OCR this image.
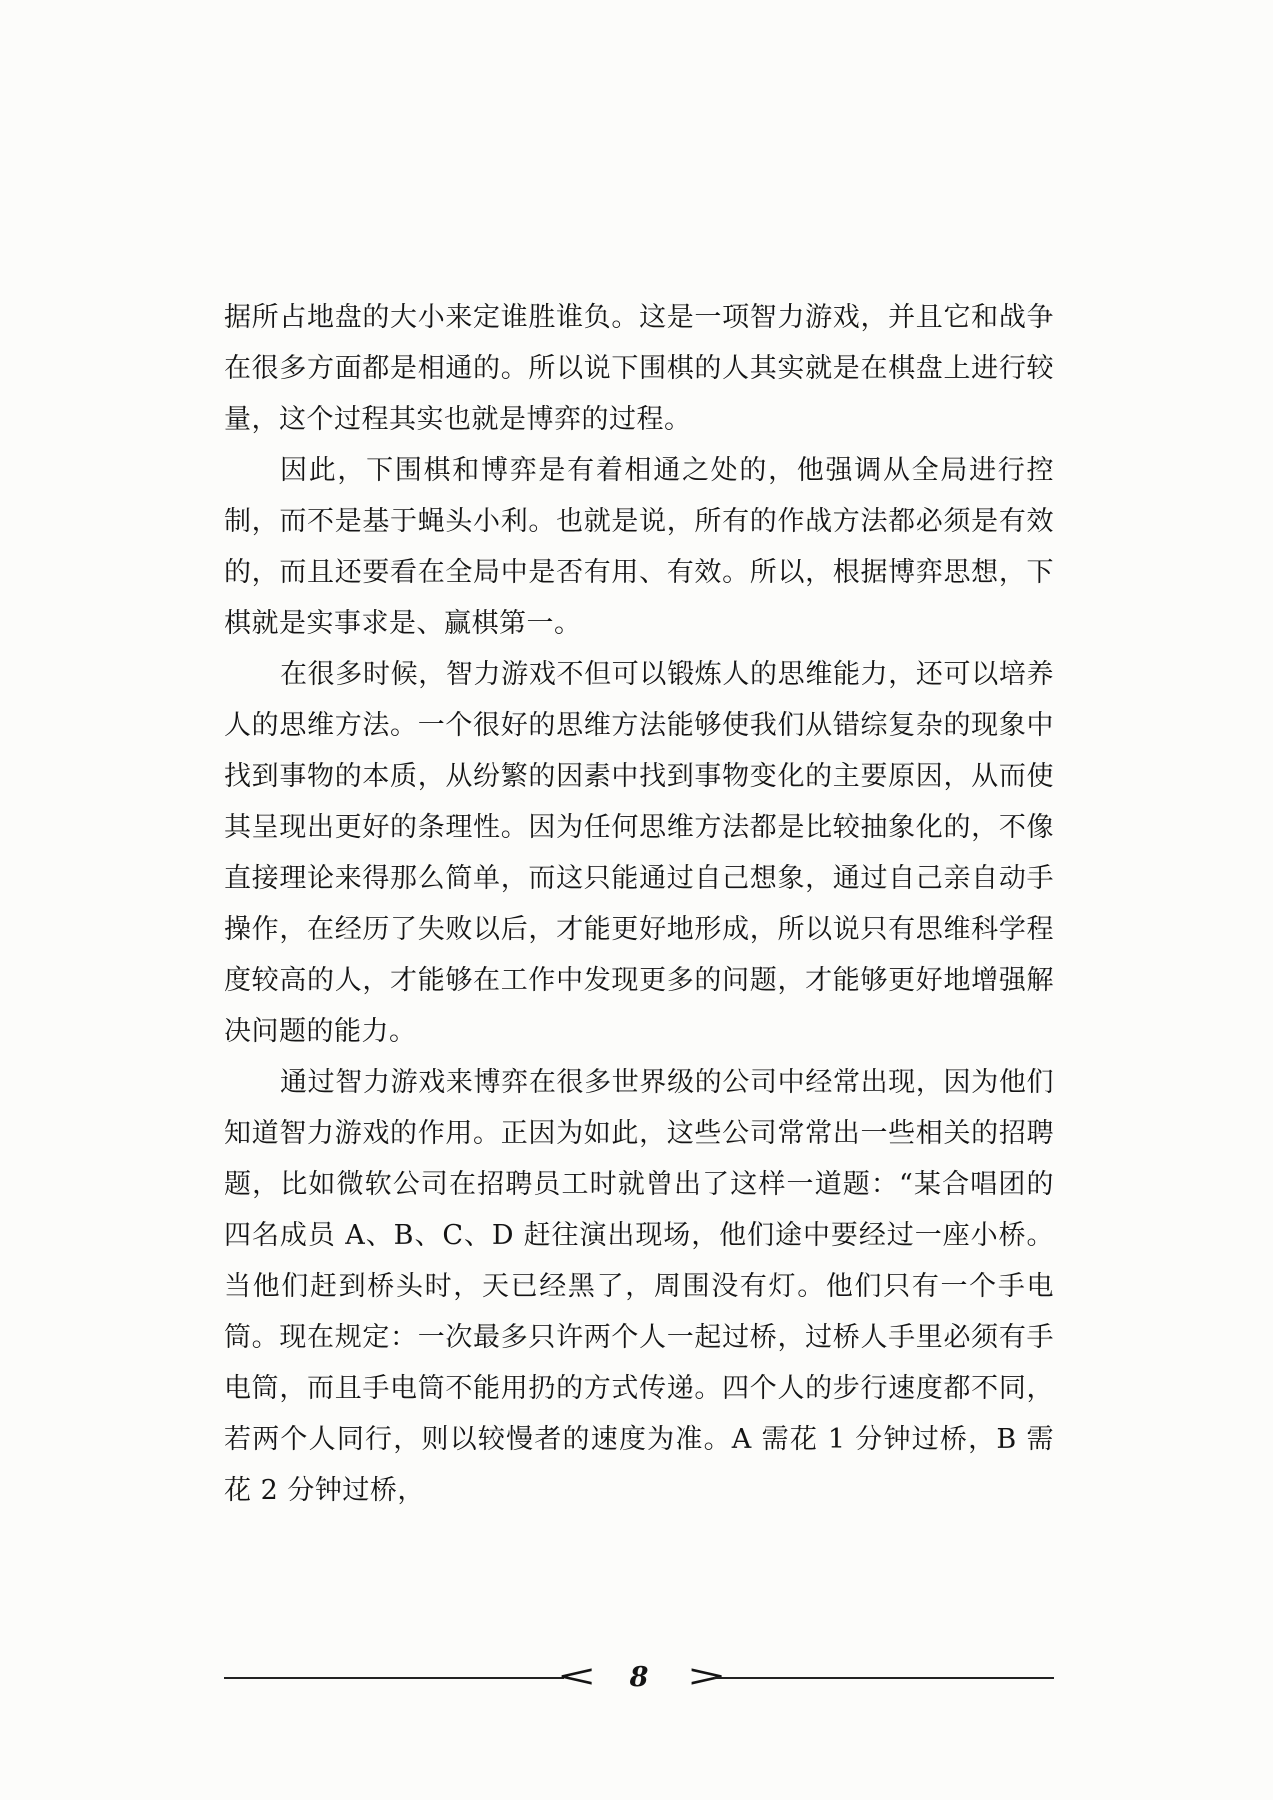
据所占地盘的大小来定谁胜谁负。这是一项智力游戏，并且它和战争在很多方面都是相通的。所以说下围棋的人其实就是在棋盘上进行较量，这个过程其实也就是博弈的过程。

因此，下围棋和博弈是有着相通之处的，他强调从全局进行控制，而不是基于蝇头小利。也就是说，所有的作战方法都必须是有效的，而且还要看在全局中是否有用、有效。所以，根据博弈思想，下棋就是实事求是、赢棋第一。

在很多时候，智力游戏不但可以锻炼人的思维能力，还可以培养人的思维方法。一个很好的思维方法能够使我们从错综复杂的现象中找到事物的本质，从纷繁的因素中找到事物变化的主要原因，从而使其呈现出更好的条理性。因为任何思维方法都是比较抽象化的，不像直接理论来得那么简单，而这只能通过自己想象，通过自己亲自动手操作，在经历了失败以后，才能更好地形成，所以说只有思维科学程度较高的人，才能够在工作中发现更多的问题，才能够更好地增强解决问题的能力。

通过智力游戏来博弈在很多世界级的公司中经常出现，因为他们知道智力游戏的作用。正因为如此，这些公司常常出一些相关的招聘题，比如微软公司在招聘员工时就曾出了这样一道题：“某合唱团的四名成员 A、B、C、D 赶往演出现场，他们途中要经过一座小桥。当他们赶到桥头时，天已经黑了，周围没有灯。他们只有一个手电筒。现在规定：一次最多只许两个人一起过桥，过桥人手里必须有手电筒，而且手电筒不能用扔的方式传递。四个人的步行速度都不同，若两个人同行，则以较慢者的速度为准。A 需花 1 分钟过桥，B 需花 2 分钟过桥，

< 8 >
